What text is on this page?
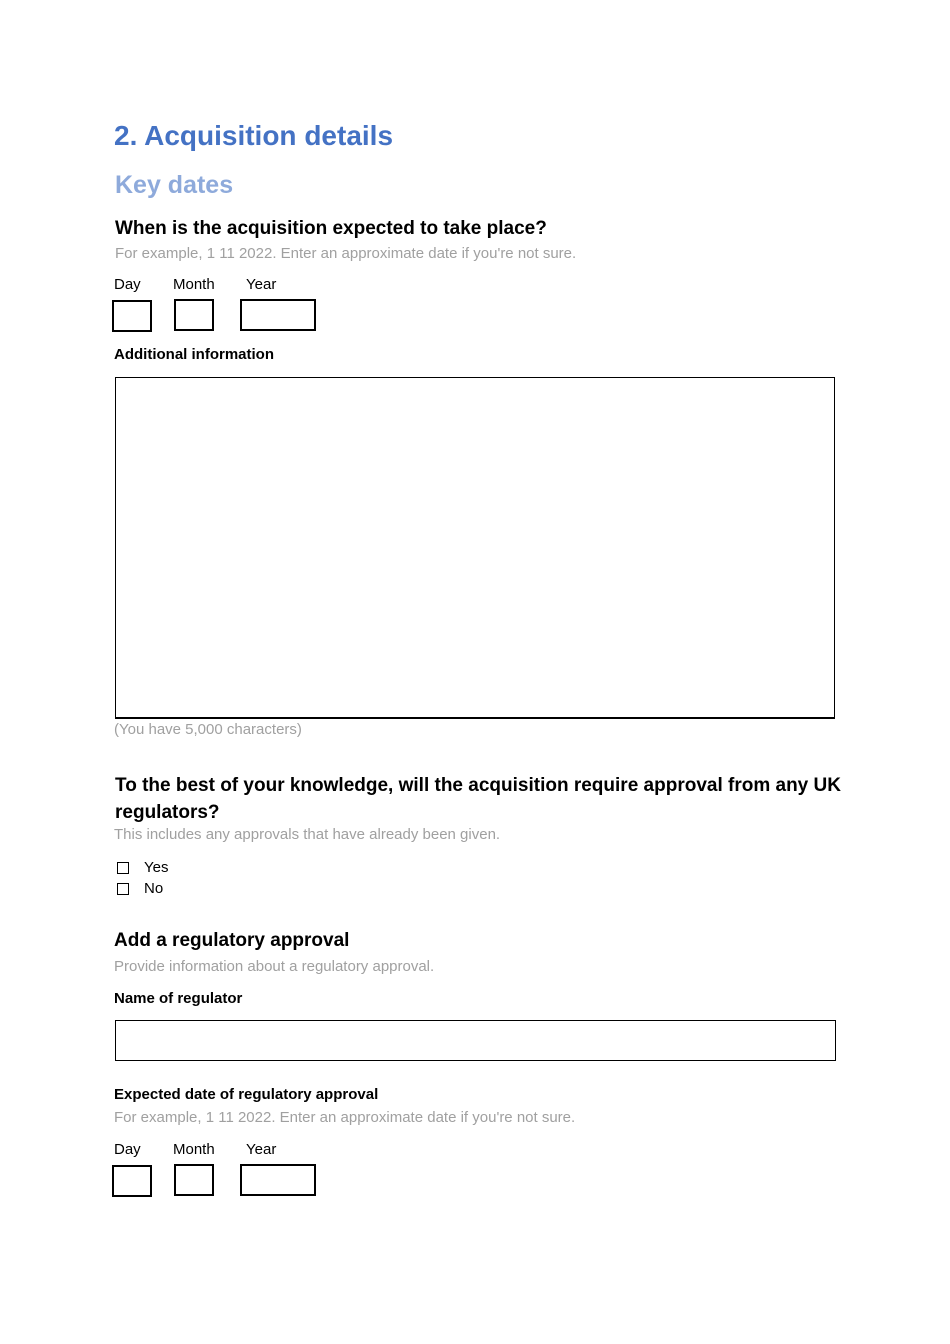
2. Acquisition details
Key dates
When is the acquisition expected to take place?
For example, 1 11 2022. Enter an approximate date if you're not sure.
Day Month Year
Additional information
(You have 5,000 characters)
To the best of your knowledge, will the acquisition require approval from any UK regulators?
This includes any approvals that have already been given.
Yes
No
Add a regulatory approval
Provide information about a regulatory approval.
Name of regulator
Expected date of regulatory approval
For example, 1 11 2022. Enter an approximate date if you're not sure.
Day Month Year
